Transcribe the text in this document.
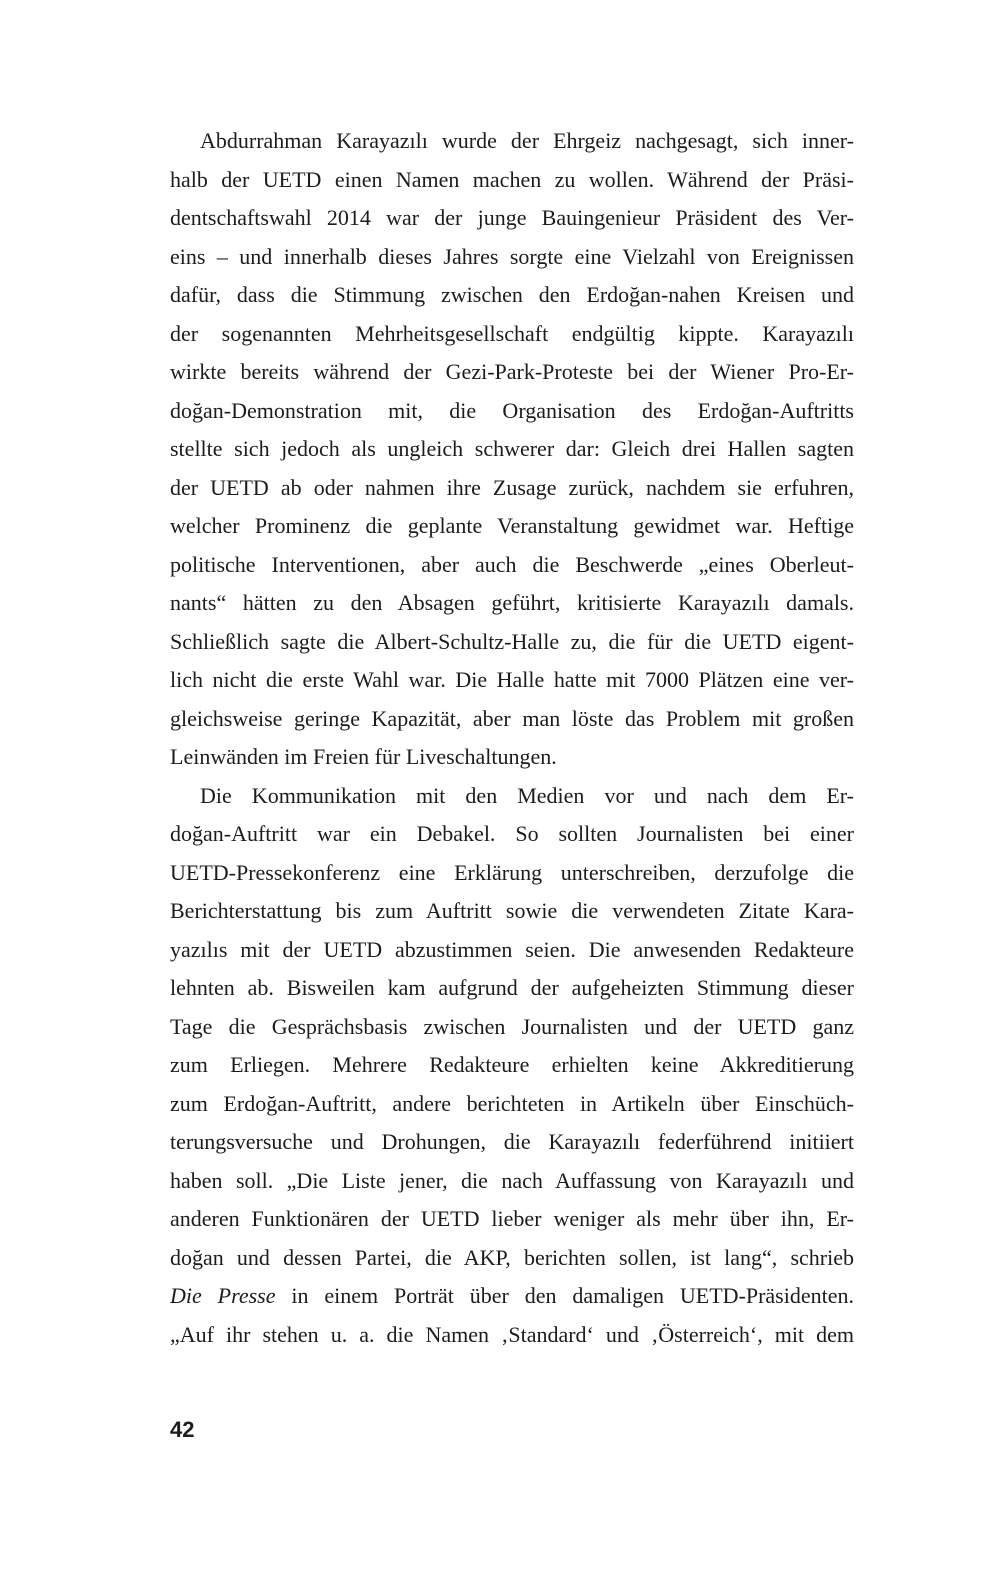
Abdurrahman Karayazılı wurde der Ehrgeiz nachgesagt, sich inner-
halb der UETD einen Namen machen zu wollen. Während der Präsi-
dentschaftswahl 2014 war der junge Bauingenieur Präsident des Ver-
eins – und innerhalb dieses Jahres sorgte eine Vielzahl von Ereignissen
dafür, dass die Stimmung zwischen den Erdoğan-nahen Kreisen und
der sogenannten Mehrheitsgesellschaft endgültig kippte. Karayazılı
wirkte bereits während der Gezi-Park-Proteste bei der Wiener Pro-Er-
doğan-Demonstration mit, die Organisation des Erdoğan-Auftritts
stellte sich jedoch als ungleich schwerer dar: Gleich drei Hallen sagten
der UETD ab oder nahmen ihre Zusage zurück, nachdem sie erfuhren,
welcher Prominenz die geplante Veranstaltung gewidmet war. Heftige
politische Interventionen, aber auch die Beschwerde „eines Oberleut-
nants“ hätten zu den Absagen geführt, kritisierte Karayazılı damals.
Schließlich sagte die Albert-Schultz-Halle zu, die für die UETD eigent-
lich nicht die erste Wahl war. Die Halle hatte mit 7000 Plätzen eine ver-
gleichsweise geringe Kapazität, aber man löste das Problem mit großen
Leinwänden im Freien für Liveschaltungen.
Die Kommunikation mit den Medien vor und nach dem Er-
doğan-Auftritt war ein Debakel. So sollten Journalisten bei einer
UETD-Pressekonferenz eine Erklärung unterschreiben, derzufolge die
Berichterstattung bis zum Auftritt sowie die verwendeten Zitate Kara-
yazılıs mit der UETD abzustimmen seien. Die anwesenden Redakteure
lehnten ab. Bisweilen kam aufgrund der aufgeheizten Stimmung dieser
Tage die Gesprächsbasis zwischen Journalisten und der UETD ganz
zum Erliegen. Mehrere Redakteure erhielten keine Akkreditierung
zum Erdoğan-Auftritt, andere berichteten in Artikeln über Einschüch-
terungsversuche und Drohungen, die Karayazılı federführend initiiert
haben soll. „Die Liste jener, die nach Auffassung von Karayazılı und
anderen Funktionären der UETD lieber weniger als mehr über ihn, Er-
doğan und dessen Partei, die AKP, berichten sollen, ist lang“, schrieb
Die Presse in einem Porträt über den damaligen UETD-Präsidenten.
„Auf ihr stehen u. a. die Namen ‚Standard‘ und ‚Österreich‘, mit dem
42
